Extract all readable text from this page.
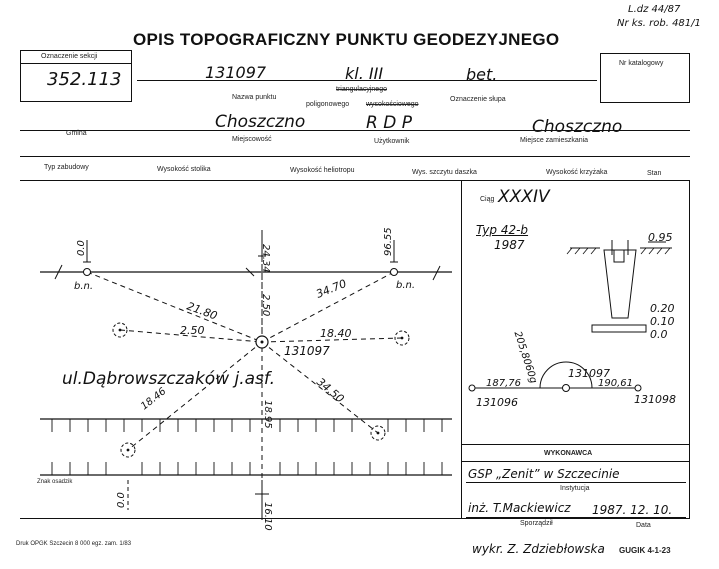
OPIS TOPOGRAFICZNY PUNKTU GEODEZYJNEGO
L.dz 44/87
Nr ks. rob. 481/1
Oznaczenie sekcji
352.113
Nr katalogowy
131097	kl. III	bet.
triangulacyjnego
Nazwa punktu
poligonowego wysokościowego
Oznaczenie słupa
Choszczno	R D P	Choszczno
Gmina
Miejscowość	Użytkownik	Miejsce zamieszkania
Typ zabudowy	Wysokość stolika	Wysokość heliotropu	Wys. szczytu daszka	Wysokość krzyżaka	Stan
Ciąg XXXIV
Typ 42-b
1987
0.95
0.20
0.10
0.0
205,8060g	131097
187,76	190,61
131096	131098
WYKONAWCA
GSP „Zenit” w Szczecinie
Instytucja
inż. T.Mackiewicz 1987. 12. 10.
Sporządził	Data
b.n.	b.n.
0.0	24.34
96.55
21.80
34.70
2.50
2.50	18.40
131097
ul.Dąbrowszczaków j.asf.
18.46
18.95
34.50
0.0
16.10
Znak osadzik
Druk OPGK Szczecin 8 000 egz. zam. 1/83	wykr. Z. Zdziebłowska GUGIK 4-1-23
